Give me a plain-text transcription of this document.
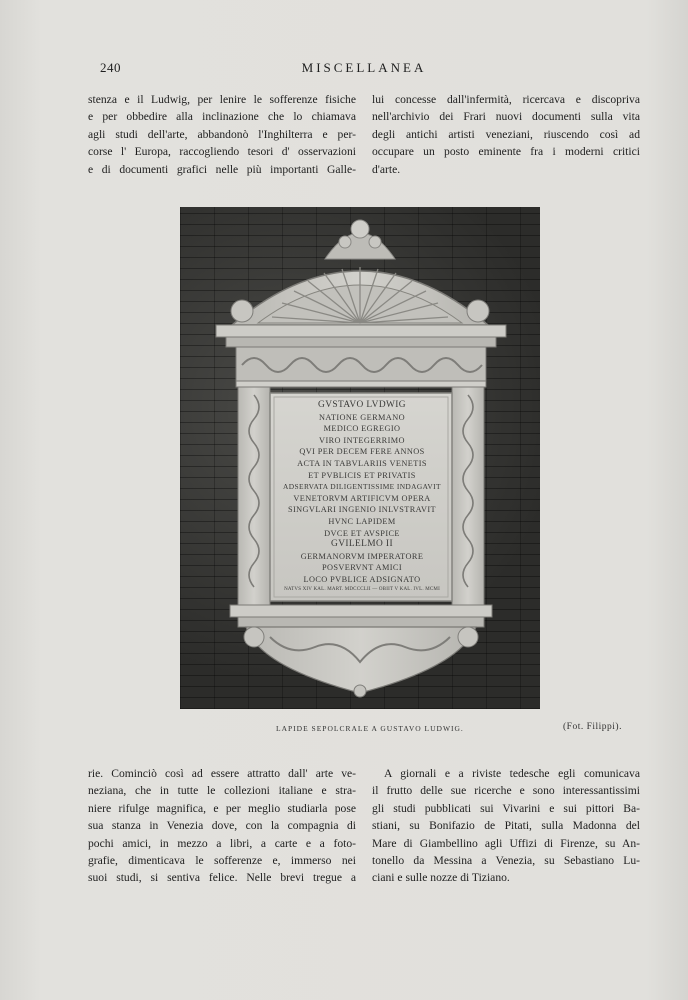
240	MISCELLANEA
stenza e il Ludwig, per lenire le sofferenze fisiche
e per obbedire alla inclinazione che lo chiamava
agli studi dell'arte, abbandonò l'Inghilterra e per-
corse l' Europa, raccogliendo tesori d' osservazioni
e di documenti grafici nelle più importanti Galle-
lui concesse dall'infermità, ricercava e discopriva
nell'archivio dei Frari nuovi documenti sulla vita
degli antichi artisti veneziani, riuscendo così ad
occupare un posto eminente fra i moderni critici
d'arte.
GVSTAVO LVDWIG
NATIONE GERMANO
MEDICO EGREGIO
VIRO INTEGERRIMO
QVI PER DECEM FERE ANNOS
ACTA IN TABVLARIIS VENETIS
ET PVBLICIS ET PRIVATIS
ADSERVATA DILIGENTISSIME INDAGAVIT
VENETORVM ARTIFICVM OPERA
SINGVLARI INGENIO INLVSTRAVIT
HVNC LAPIDEM
DVCE ET AVSPICE
GVILELMO II
GERMANORVM IMPERATORE
POSVERVNT AMICI
LOCO PVBLICE ADSIGNATO
NATVS XIV KAL. MART. MDCCCLII — OBIIT V KAL. IVL. MCMI
LAPIDE SEPOLCRALE A GUSTAVO LUDWIG.	(Fot. Filippi).
rie. Cominciò così ad essere attratto dall' arte ve-
neziana, che in tutte le collezioni italiane e stra-
niere rifulge magnifica, e per meglio studiarla pose
sua stanza in Venezia dove, con la compagnia di
pochi amici, in mezzo a libri, a carte e a foto-
grafie, dimenticava le sofferenze e, immerso nei
suoi studi, si sentiva felice. Nelle brevi tregue a
A giornali e a riviste tedesche egli comunicava
il frutto delle sue ricerche e sono interessantissimi
gli studi pubblicati sui Vivarini e sui pittori Ba-
stiani, su Bonifazio de Pitati, sulla Madonna del
Mare di Giambellino agli Uffizi di Firenze, su An-
tonello da Messina a Venezia, su Sebastiano Lu-
ciani e sulle nozze di Tiziano.
